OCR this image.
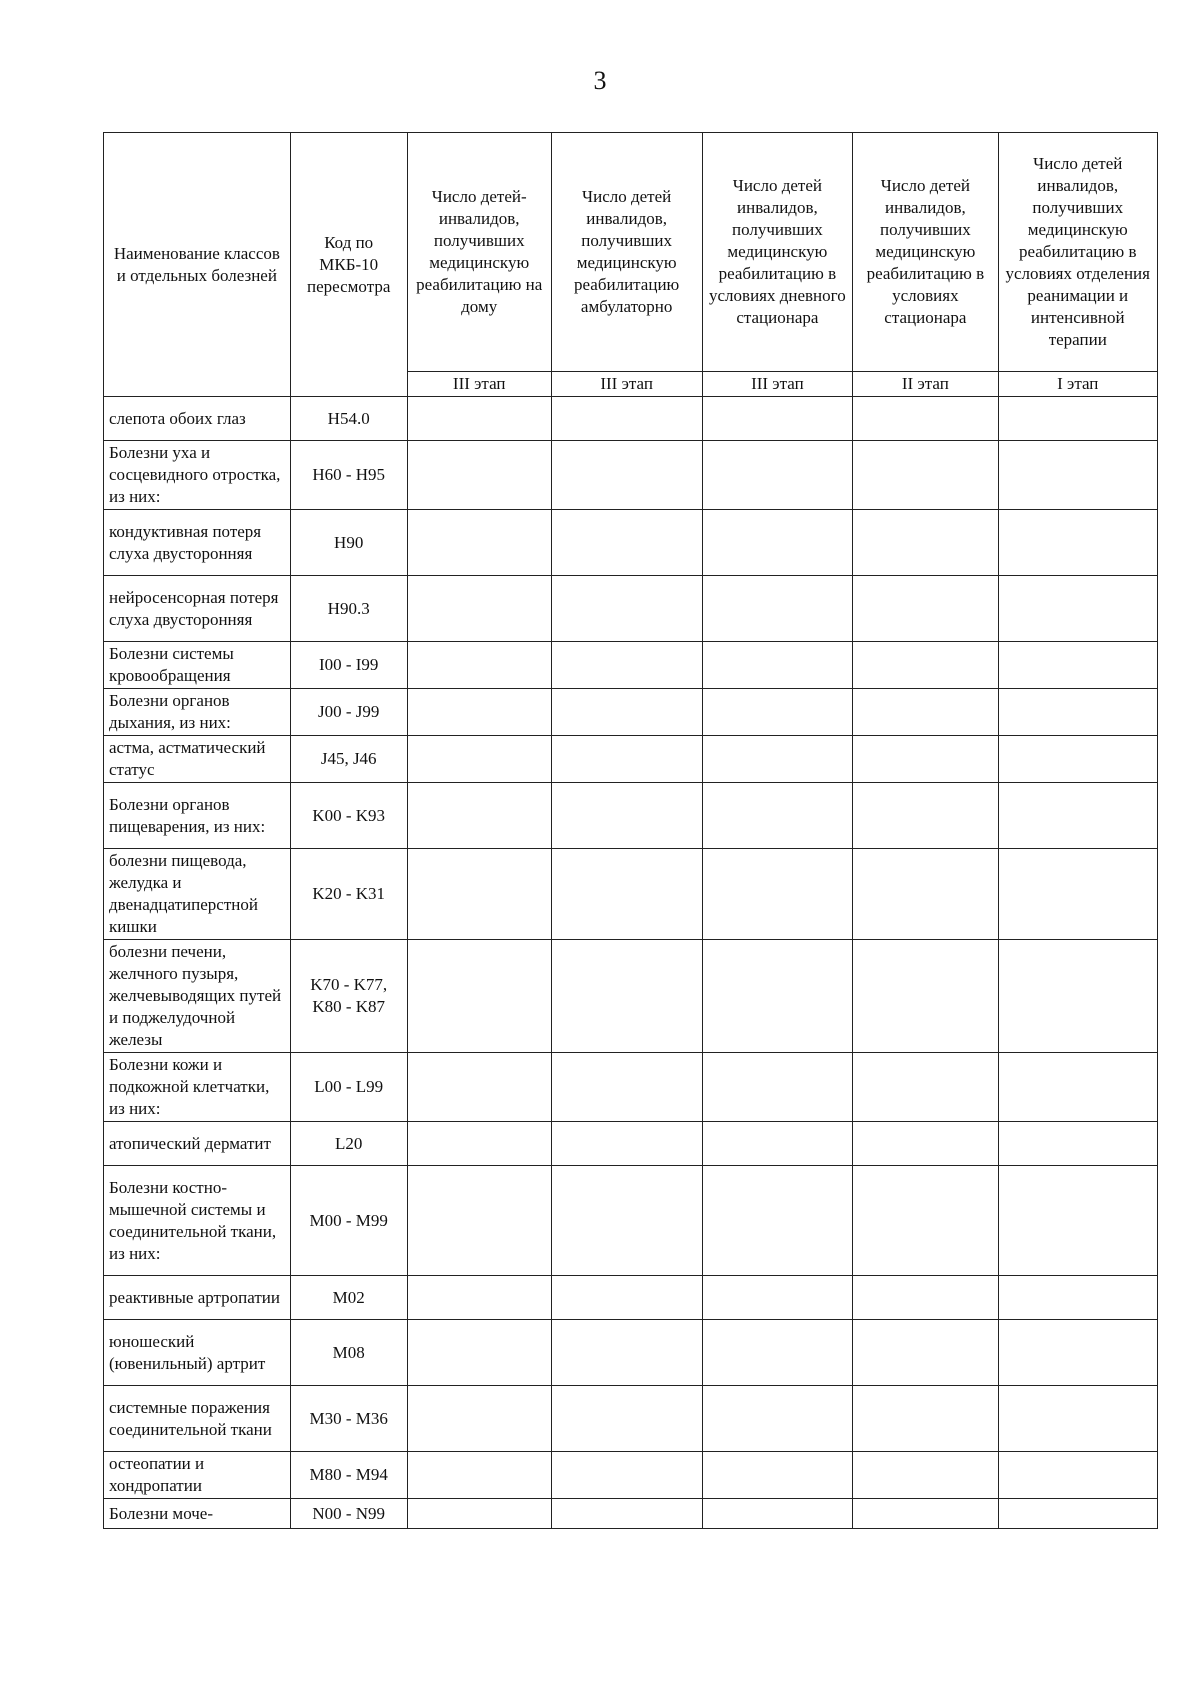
3
Наименование классов и отдельных болезней	Код по МКБ-10 пересмотра	Число детей-инвалидов, получивших медицинскую реабилитацию на дому	Число детей инвалидов, получивших медицинскую реабилитацию амбулаторно	Число детей инвалидов, получивших медицинскую реабилитацию в условиях дневного стационара	Число детей инвалидов, получивших медицинскую реабилитацию в условиях стационара	Число детей инвалидов, получивших медицинскую реабилитацию в условиях отделения реанимации и интенсивной терапии
		III этап	III этап	III этап	II этап	I этап
слепота обоих глаз	H54.0					
Болезни уха и сосцевидного отростка, из них:	H60 - H95					
кондуктивная потеря слуха двусторонняя	H90					
нейросенсорная потеря слуха двусторонняя	H90.3					
Болезни системы кровообращения	I00 - I99					
Болезни органов дыхания, из них:	J00 - J99					
астма, астматический статус	J45, J46					
Болезни органов пищеварения, из них:	K00 - K93					
болезни пищевода, желудка и двенадцатиперстной кишки	K20 - K31					
болезни печени, желчного пузыря, желчевыводящих путей и поджелудочной железы	K70 - K77, K80 - K87					
Болезни кожи и подкожной клетчатки, из них:	L00 - L99					
атопический дерматит	L20					
Болезни костно-мышечной системы и соединительной ткани, из них:	M00 - M99					
реактивные артропатии	M02					
юношеский (ювенильный) артрит	M08					
системные поражения соединительной ткани	M30 - M36					
остеопатии и хондропатии	M80 - M94					
Болезни моче-	N00 - N99					
